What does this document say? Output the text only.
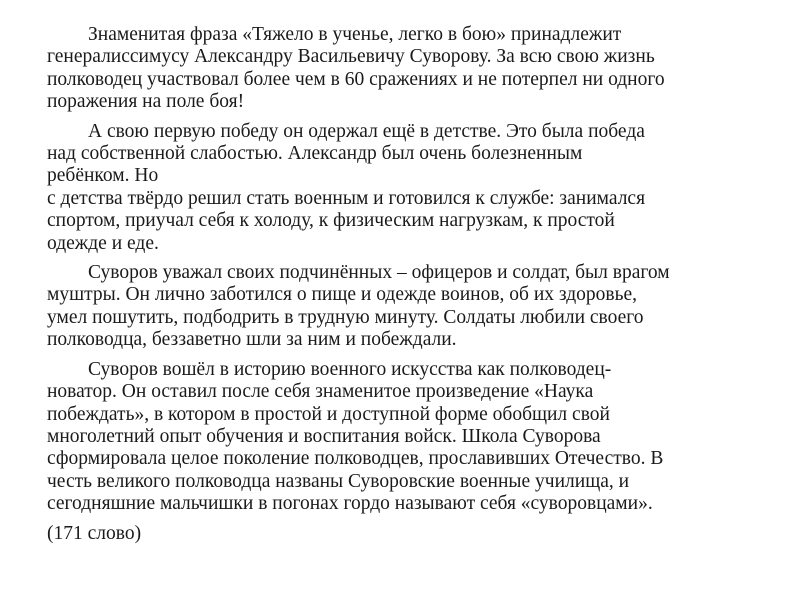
Знаменитая фраза «Тяжело в ученье, легко в бою» принадлежит
генералиссимусу Александру Васильевичу Суворову. За всю свою жизнь
полководец участвовал более чем в 60 сражениях и не потерпел ни одного
поражения на поле боя!

А свою первую победу он одержал ещё в детстве. Это была победа
над собственной слабостью. Александр был очень болезненным
ребёнком. Но
с детства твёрдо решил стать военным и готовился к службе: занимался
спортом, приучал себя к холоду, к физическим нагрузкам, к простой
одежде и еде.

Суворов уважал своих подчинённых – офицеров и солдат, был врагом
муштры. Он лично заботился о пище и одежде воинов, об их здоровье,
умел пошутить, подбодрить в трудную минуту. Солдаты любили своего
полководца, беззаветно шли за ним и побеждали.

Суворов вошёл в историю военного искусства как полководец-
новатор. Он оставил после себя знаменитое произведение «Наука
побеждать», в котором в простой и доступной форме обобщил свой
многолетний опыт обучения и воспитания войск. Школа Суворова
сформировала целое поколение полководцев, прославивших Отечество. В
честь великого полководца названы Суворовские военные училища, и
сегодняшние мальчишки в погонах гордо называют себя «суворовцами».

(171 слово)
